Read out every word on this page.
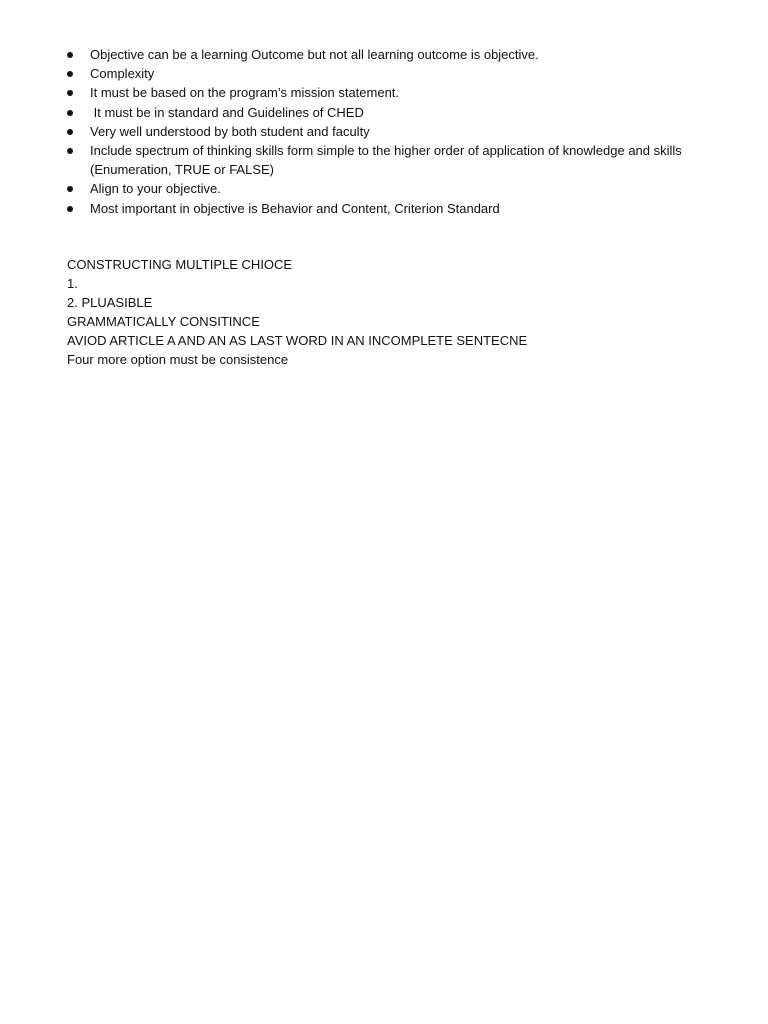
Objective can be a learning Outcome but not all learning outcome is objective.
Complexity
It must be based on the program’s mission statement.
It must be in standard and Guidelines of CHED
Very well understood by both student and faculty
Include spectrum of thinking skills form simple to the higher order of application of knowledge and skills (Enumeration, TRUE or FALSE)
Align to your objective.
Most important in objective is Behavior and Content, Criterion Standard
CONSTRUCTING MULTIPLE CHIOCE
1.
2. PLUASIBLE
GRAMMATICALLY CONSITINCE
AVIOD ARTICLE A AND AN AS LAST WORD IN AN INCOMPLETE SENTECNE
Four more option must be consistence
